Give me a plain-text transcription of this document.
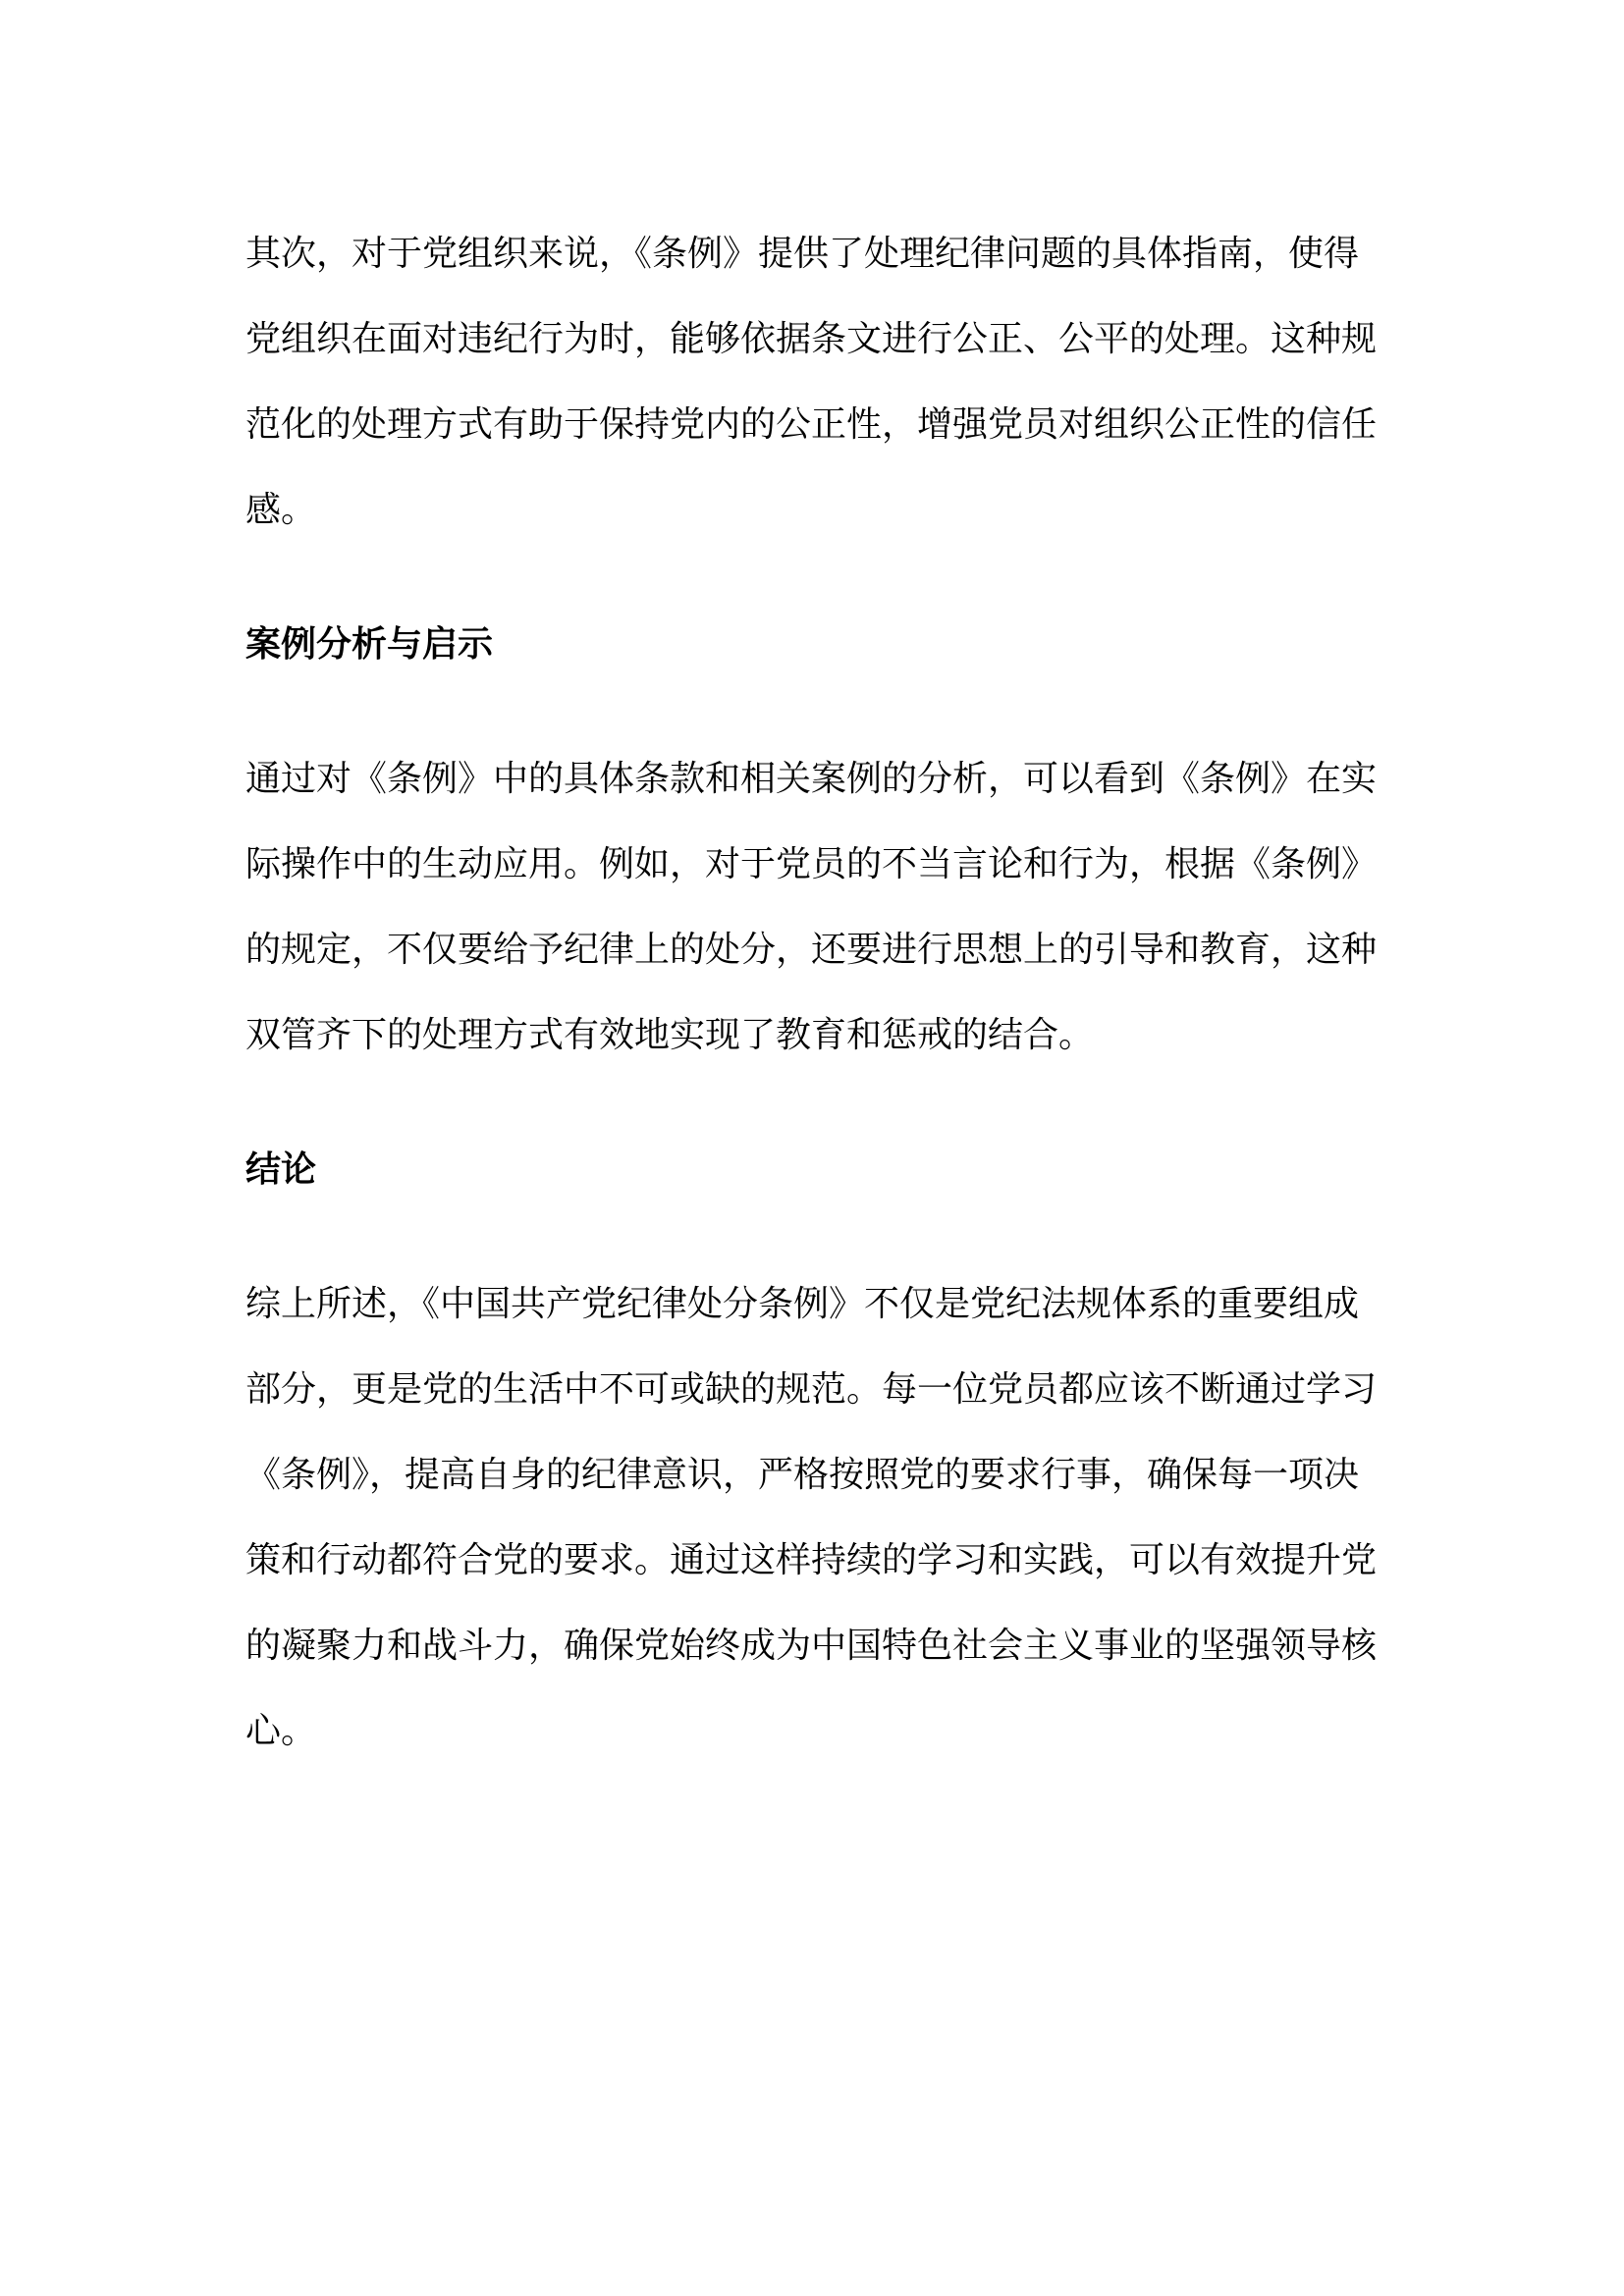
其次，对于党组织来说，《条例》提供了处理纪律问题的具体指南，使得
党组织在面对违纪行为时，能够依据条文进行公正、公平的处理。这种规
范化的处理方式有助于保持党内的公正性，增强党员对组织公正性的信任
感。

案例分析与启示

通过对《条例》中的具体条款和相关案例的分析，可以看到《条例》在实
际操作中的生动应用。例如，对于党员的不当言论和行为，根据《条例》
的规定，不仅要给予纪律上的处分，还要进行思想上的引导和教育，这种
双管齐下的处理方式有效地实现了教育和惩戒的结合。

结论

综上所述，《中国共产党纪律处分条例》不仅是党纪法规体系的重要组成
部分，更是党的生活中不可或缺的规范。每一位党员都应该不断通过学习
《条例》，提高自身的纪律意识，严格按照党的要求行事，确保每一项决
策和行动都符合党的要求。通过这样持续的学习和实践，可以有效提升党
的凝聚力和战斗力，确保党始终成为中国特色社会主义事业的坚强领导核
心。
